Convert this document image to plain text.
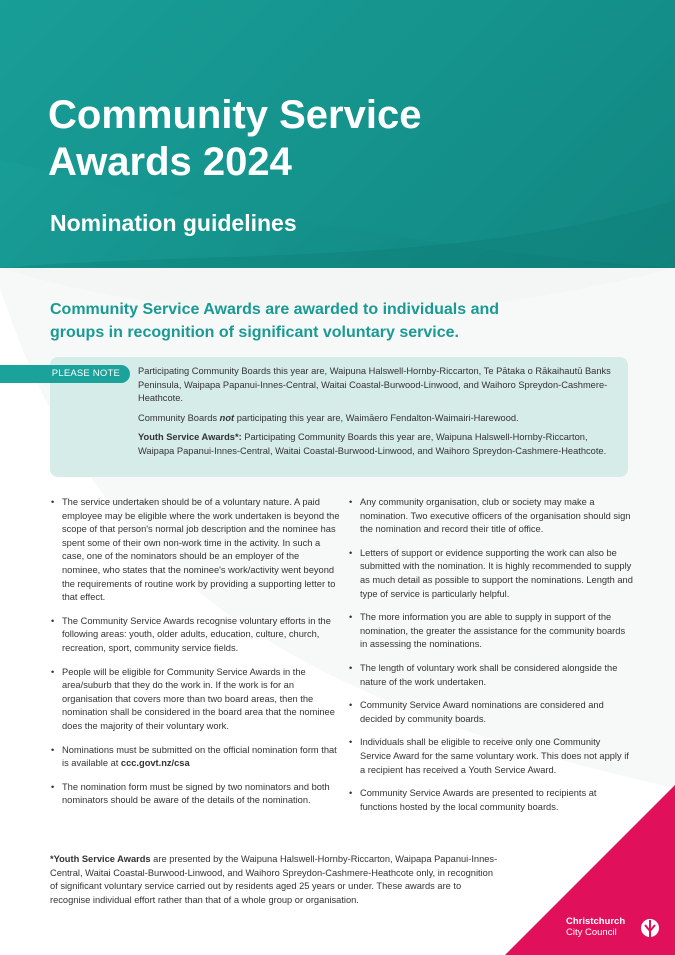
Community Service Awards 2024
Nomination guidelines

Community Service Awards are awarded to individuals and groups in recognition of significant voluntary service.

PLEASE NOTE	Participating Community Boards this year are, Waipuna Halswell-Hornby-Riccarton, Te Pātaka o Rākaihautū Banks Peninsula, Waipapa Papanui-Innes-Central, Waitai Coastal-Burwood-Linwood, and Waihoro Spreydon-Cashmere-Heathcote.

Community Boards not participating this year are, Waimāero Fendalton-Waimairi-Harewood.

Youth Service Awards*: Participating Community Boards this year are, Waipuna Halswell-Hornby-Riccarton, Waipapa Papanui-Innes-Central, Waitai Coastal-Burwood-Linwood, and Waihoro Spreydon-Cashmere-Heathcote.

• The service undertaken should be of a voluntary nature. A paid employee may be eligible where the work undertaken is beyond the scope of that person's normal job description and the nominee has spent some of their own non-work time in the activity. In such a case, one of the nominators should be an employer of the nominee, who states that the nominee's work/activity went beyond the requirements of routine work by providing a supporting letter to that effect.
• The Community Service Awards recognise voluntary efforts in the following areas: youth, older adults, education, culture, church, recreation, sport, community service fields.
• People will be eligible for Community Service Awards in the area/suburb that they do the work in. If the work is for an organisation that covers more than two board areas, then the nomination shall be considered in the board area that the nominee does the majority of their voluntary work.
• Nominations must be submitted on the official nomination form that is available at ccc.govt.nz/csa
• The nomination form must be signed by two nominators and both nominators should be aware of the details of the nomination.
• Any community organisation, club or society may make a nomination. Two executive officers of the organisation should sign the nomination and record their title of office.
• Letters of support or evidence supporting the work can also be submitted with the nomination. It is highly recommended to supply as much detail as possible to support the nominations. Length and type of service is particularly helpful.
• The more information you are able to supply in support of the nomination, the greater the assistance for the community boards in assessing the nominations.
• The length of voluntary work shall be considered alongside the nature of the work undertaken.
• Community Service Award nominations are considered and decided by community boards.
• Individuals shall be eligible to receive only one Community Service Award for the same voluntary work. This does not apply if a recipient has received a Youth Service Award.
• Community Service Awards are presented to recipients at functions hosted by the local community boards.
*Youth Service Awards are presented by the Waipuna Halswell-Hornby-Riccarton, Waipapa Papanui-Innes-Central, Waitai Coastal-Burwood-Linwood, and Waihoro Spreydon-Cashmere-Heathcote only, in recognition of significant voluntary service carried out by residents aged 25 years or under. These awards are to recognise individual effort rather than that of a whole group or organisation.
Christchurch
City Council
